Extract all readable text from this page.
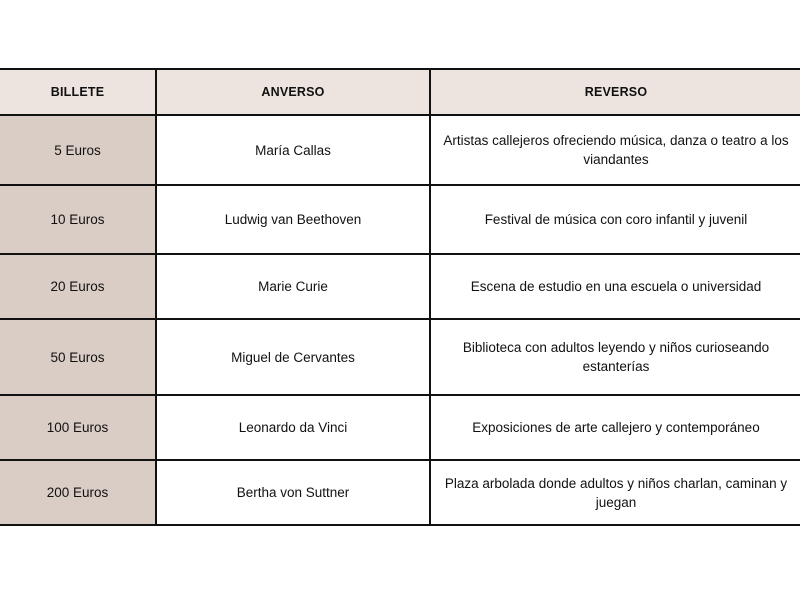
BILLETE	ANVERSO	REVERSO
5 Euros	María Callas	Artistas callejeros ofreciendo música, danza o teatro a los viandantes
10 Euros	Ludwig van Beethoven	Festival de música con coro infantil y juvenil
20 Euros	Marie Curie	Escena de estudio en una escuela o universidad
50 Euros	Miguel de Cervantes	Biblioteca con adultos leyendo y niños curioseando estanterías
100 Euros	Leonardo da Vinci	Exposiciones de arte callejero y contemporáneo
200 Euros	Bertha von Suttner	Plaza arbolada donde adultos y niños charlan, caminan y juegan
